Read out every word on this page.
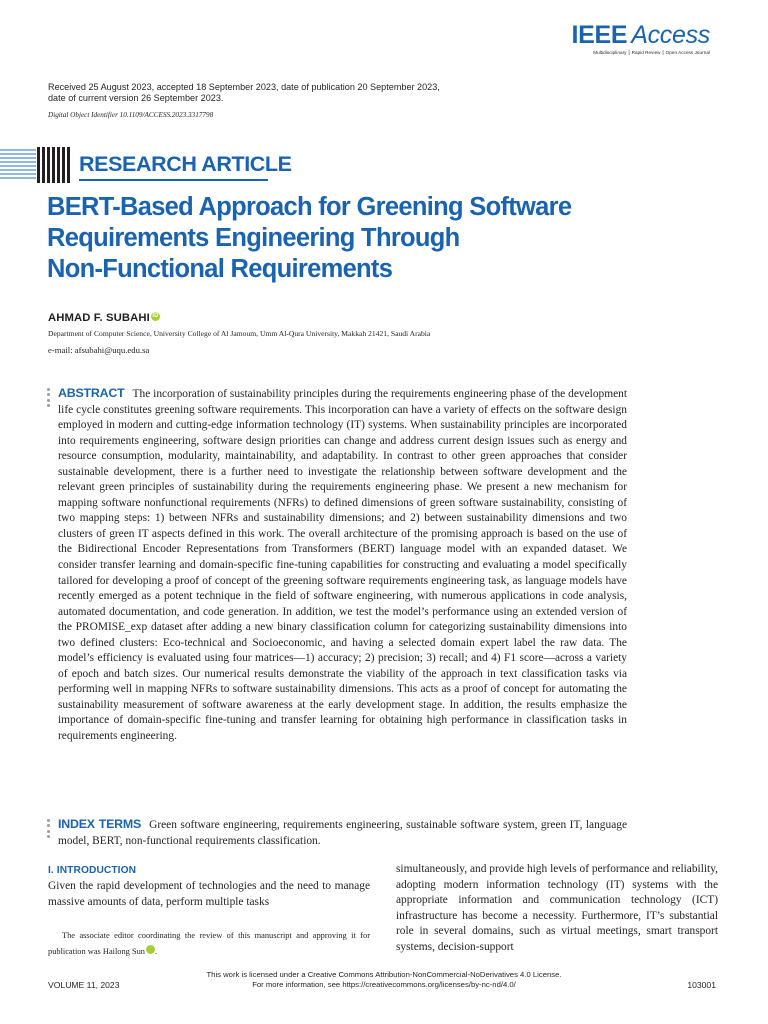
IEEE Access
Multidisciplinary ⎮ Rapid Review ⎮ Open Access Journal
Received 25 August 2023, accepted 18 September 2023, date of publication 20 September 2023,
date of current version 26 September 2023.
Digital Object Identifier 10.1109/ACCESS.2023.3317798
RESEARCH ARTICLE
BERT-Based Approach for Greening Software
Requirements Engineering Through
Non-Functional Requirements
AHMAD F. SUBAHI iD
Department of Computer Science, University College of Al Jamoum, Umm Al-Qura University, Makkah 21421, Saudi Arabia
e-mail: afsubahi@uqu.edu.sa
ABSTRACT The incorporation of sustainability principles during the requirements engineering phase of the development life cycle constitutes greening software requirements. This incorporation can have a variety of effects on the software design employed in modern and cutting-edge information technology (IT) systems. When sustainability principles are incorporated into requirements engineering, software design priorities can change and address current design issues such as energy and resource consumption, modularity, maintainability, and adaptability. In contrast to other green approaches that consider sustainable development, there is a further need to investigate the relationship between software development and the relevant green principles of sustainability during the requirements engineering phase. We present a new mechanism for mapping software nonfunctional requirements (NFRs) to defined dimensions of green software sustainability, consisting of two mapping steps: 1) between NFRs and sustainability dimensions; and 2) between sustainability dimensions and two clusters of green IT aspects defined in this work. The overall architecture of the promising approach is based on the use of the Bidirectional Encoder Representations from Transformers (BERT) language model with an expanded dataset. We consider transfer learning and domain-specific fine-tuning capabilities for constructing and evaluating a model specifically tailored for developing a proof of concept of the greening software requirements engineering task, as language models have recently emerged as a potent technique in the field of software engineering, with numerous applications in code analysis, automated documentation, and code generation. In addition, we test the model’s performance using an extended version of the PROMISE_exp dataset after adding a new binary classification column for categorizing sustainability dimensions into two defined clusters: Eco-technical and Socioeconomic, and having a selected domain expert label the raw data. The model’s efficiency is evaluated using four matrices—1) accuracy; 2) precision; 3) recall; and 4) F1 score—across a variety of epoch and batch sizes. Our numerical results demonstrate the viability of the approach in text classification tasks via performing well in mapping NFRs to software sustainability dimensions. This acts as a proof of concept for automating the sustainability measurement of software awareness at the early development stage. In addition, the results emphasize the importance of domain-specific fine-tuning and transfer learning for obtaining high performance in classification tasks in requirements engineering.
INDEX TERMS Green software engineering, requirements engineering, sustainable software system, green IT, language model, BERT, non-functional requirements classification.
I. INTRODUCTION
Given the rapid development of technologies and the need to manage massive amounts of data, perform multiple tasks
The associate editor coordinating the review of this manuscript and approving it for publication was Hailong Sun	iD.
simultaneously, and provide high levels of performance and reliability, adopting modern information technology (IT) systems with the appropriate information and communication technology (ICT) infrastructure has become a necessity. Furthermore, IT’s substantial role in several domains, such as virtual meetings, smart transport systems, decision-support
This work is licensed under a Creative Commons Attribution-NonCommercial-NoDerivatives 4.0 License.
For more information, see https://creativecommons.org/licenses/by-nc-nd/4.0/
VOLUME 11, 2023	103001
